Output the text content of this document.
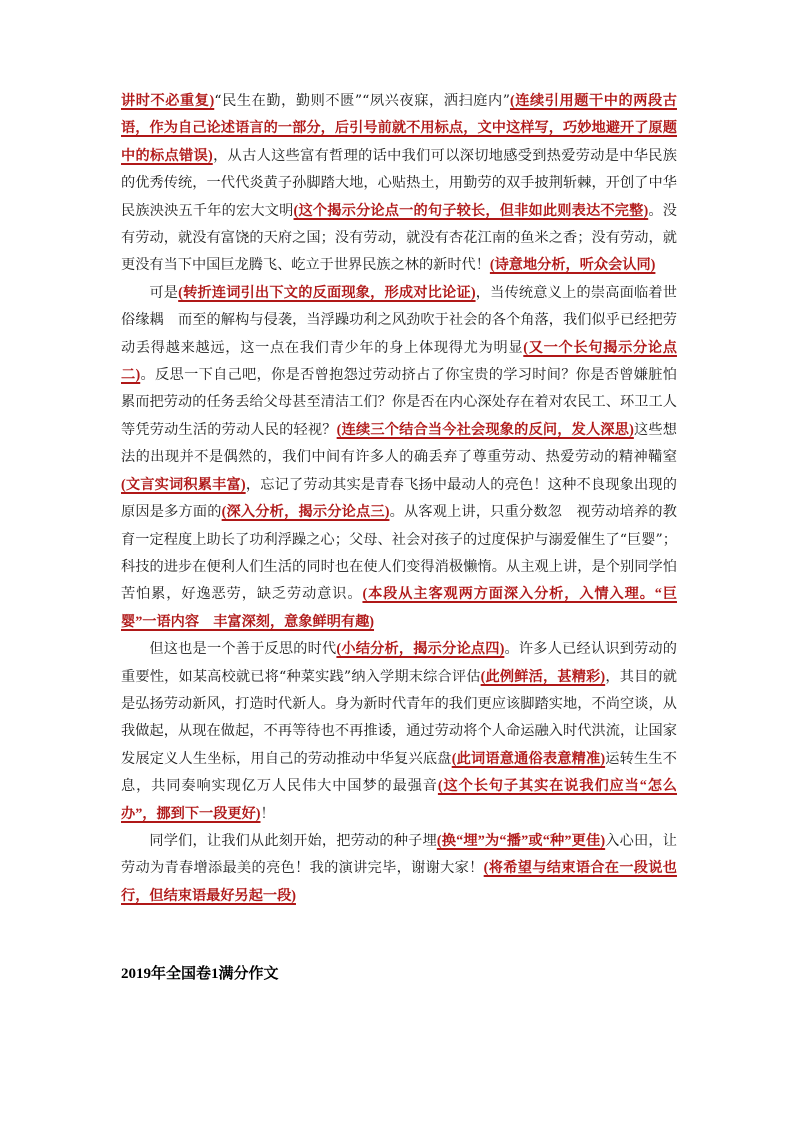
讲时不必重复)“民生在勤，勤则不匮”“夙兴夜寐，洒扫庭内”(连续引用题干中的两段古语，作为自己论述语言的一部分，后引号前就不用标点，文中这样写，巧妙地避开了原题中的标点错误)，从古人这些富有哲理的话中我们可以深切地感受到热爱劳动是中华民族的优秀传统，一代代炎黄子孙脚踏大地，心贴热土，用勤劳的双手披荆斩棘，开创了中华民族泱泱五千年的宏大文明(这个揭示分论点一的句子较长，但非如此则表达不完整)。没有劳动，就没有富饶的天府之国；没有劳动，就没有杏花江南的鱼米之香；没有劳动，就更没有当下中国巨龙腾飞、屹立于世界民族之林的新时代！(诗意地分析，听众会认同)

可是(转折连词引出下文的反面现象，形成对比论证)，当传统意义上的崇高面临着世俗缘耦　而至的解构与侵袭，当浮躁功利之风劲吹于社会的各个角落，我们似乎已经把劳动丢得越来越远，这一点在我们青少年的身上体现得尤为明显(又一个长句揭示分论点二)。反思一下自己吧，你是否曾抱怨过劳动挤占了你宝贵的学习时间？你是否曾嫌脏怕累而把劳动的任务丢给父母甚至清洁工们？你是否在内心深处存在着对农民工、环卫工人等凭劳动生活的劳动人民的轻视？(连续三个结合当今社会现象的反问，发人深思)这些想法的出现并不是偶然的，我们中间有许多人的确丢弃了尊重劳动、热爱劳动的精神鞴窒(文言实词积累丰富)，忘记了劳动其实是青春飞扬中最动人的亮色！这种不良现象出现的原因是多方面的(深入分析，揭示分论点三)。从客观上讲，只重分数忽　视劳动培养的教育一定程度上助长了功利浮躁之心；父母、社会对孩子的过度保护与溺爱催生了“巨婴”；科技的进步在便利人们生活的同时也在使人们变得消极懒惰。从主观上讲，是个别同学怕苦怕累，好逸恶劳，缺乏劳动意识。(本段从主客观两方面深入分析，入情入理。“巨婴”一语内容　丰富深刻，意象鲜明有趣)

但这也是一个善于反思的时代(小结分析，揭示分论点四)。许多人已经认识到劳动的重要性，如某高校就已将“种菜实践”纳入学期末综合评估(此例鲜活，甚精彩)，其目的就是弘扬劳动新风，打造时代新人。身为新时代青年的我们更应该脚踏实地，不尚空谈，从我做起，从现在做起，不再等待也不再推诿，通过劳动将个人命运融入时代洪流，让国家发展定义人生坐标，用自己的劳动推动中华复兴底盘(此词语意通俗表意精准)运转生生不息，共同奏响实现亿万人民伟大中国梦的最强音(这个长句子其实在说我们应当“怎么办”，挪到下一段更好)！

同学们，让我们从此刻开始，把劳动的种子埋(换“埋”为“播”或“种”更佳)入心田，让劳动为青春增添最美的亮色！我的演讲完毕，谢谢大家！(将希望与结束语合在一段说也行，但结束语最好另起一段)

2019年全国卷1满分作文
